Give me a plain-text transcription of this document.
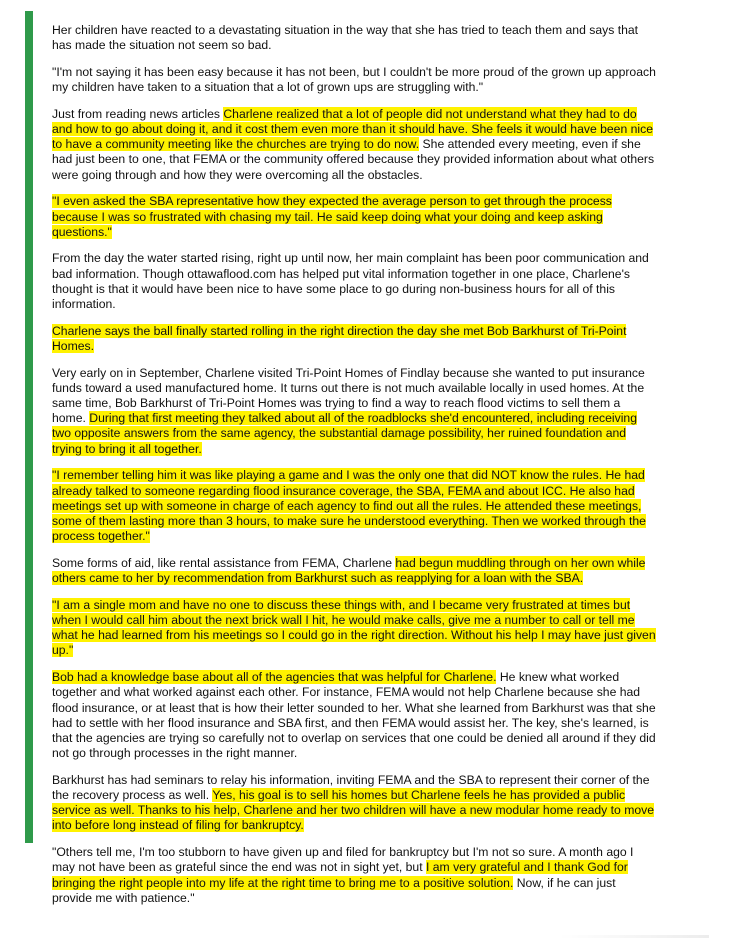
Her children have reacted to a devastating situation in the way that she has tried to teach them and says that has made the situation not seem so bad.

"I'm not saying it has been easy because it has not been, but I couldn't be more proud of the grown up approach my children have taken to a situation that a lot of grown ups are struggling with."

Just from reading news articles Charlene realized that a lot of people did not understand what they had to do and how to go about doing it, and it cost them even more than it should have. She feels it would have been nice to have a community meeting like the churches are trying to do now. She attended every meeting, even if she had just been to one, that FEMA or the community offered because they provided information about what others were going through and how they were overcoming all the obstacles.

"I even asked the SBA representative how they expected the average person to get through the process because I was so frustrated with chasing my tail. He said keep doing what your doing and keep asking questions."

From the day the water started rising, right up until now, her main complaint has been poor communication and bad information. Though ottawaflood.com has helped put vital information together in one place, Charlene's thought is that it would have been nice to have some place to go during non-business hours for all of this information.

Charlene says the ball finally started rolling in the right direction the day she met Bob Barkhurst of Tri-Point Homes.

Very early on in September, Charlene visited Tri-Point Homes of Findlay because she wanted to put insurance funds toward a used manufactured home. It turns out there is not much available locally in used homes. At the same time, Bob Barkhurst of Tri-Point Homes was trying to find a way to reach flood victims to sell them a home. During that first meeting they talked about all of the roadblocks she'd encountered, including receiving two opposite answers from the same agency, the substantial damage possibility, her ruined foundation and trying to bring it all together.

"I remember telling him it was like playing a game and I was the only one that did NOT know the rules. He had already talked to someone regarding flood insurance coverage, the SBA, FEMA and about ICC. He also had meetings set up with someone in charge of each agency to find out all the rules. He attended these meetings, some of them lasting more than 3 hours, to make sure he understood everything. Then we worked through the process together."

Some forms of aid, like rental assistance from FEMA, Charlene had begun muddling through on her own while others came to her by recommendation from Barkhurst such as reapplying for a loan with the SBA.

"I am a single mom and have no one to discuss these things with, and I became very frustrated at times but when I would call him about the next brick wall I hit, he would make calls, give me a number to call or tell me what he had learned from his meetings so I could go in the right direction. Without his help I may have just given up."

Bob had a knowledge base about all of the agencies that was helpful for Charlene. He knew what worked together and what worked against each other. For instance, FEMA would not help Charlene because she had flood insurance, or at least that is how their letter sounded to her. What she learned from Barkhurst was that she had to settle with her flood insurance and SBA first, and then FEMA would assist her. The key, she's learned, is that the agencies are trying so carefully not to overlap on services that one could be denied all around if they did not go through processes in the right manner.

Barkhurst has had seminars to relay his information, inviting FEMA and the SBA to represent their corner of the the recovery process as well. Yes, his goal is to sell his homes but Charlene feels he has provided a public service as well. Thanks to his help, Charlene and her two children will have a new modular home ready to move into before long instead of filing for bankruptcy.

"Others tell me, I'm too stubborn to have given up and filed for bankruptcy but I'm not so sure. A month ago I may not have been as grateful since the end was not in sight yet, but I am very grateful and I thank God for bringing the right people into my life at the right time to bring me to a positive solution. Now, if he can just provide me with patience."
